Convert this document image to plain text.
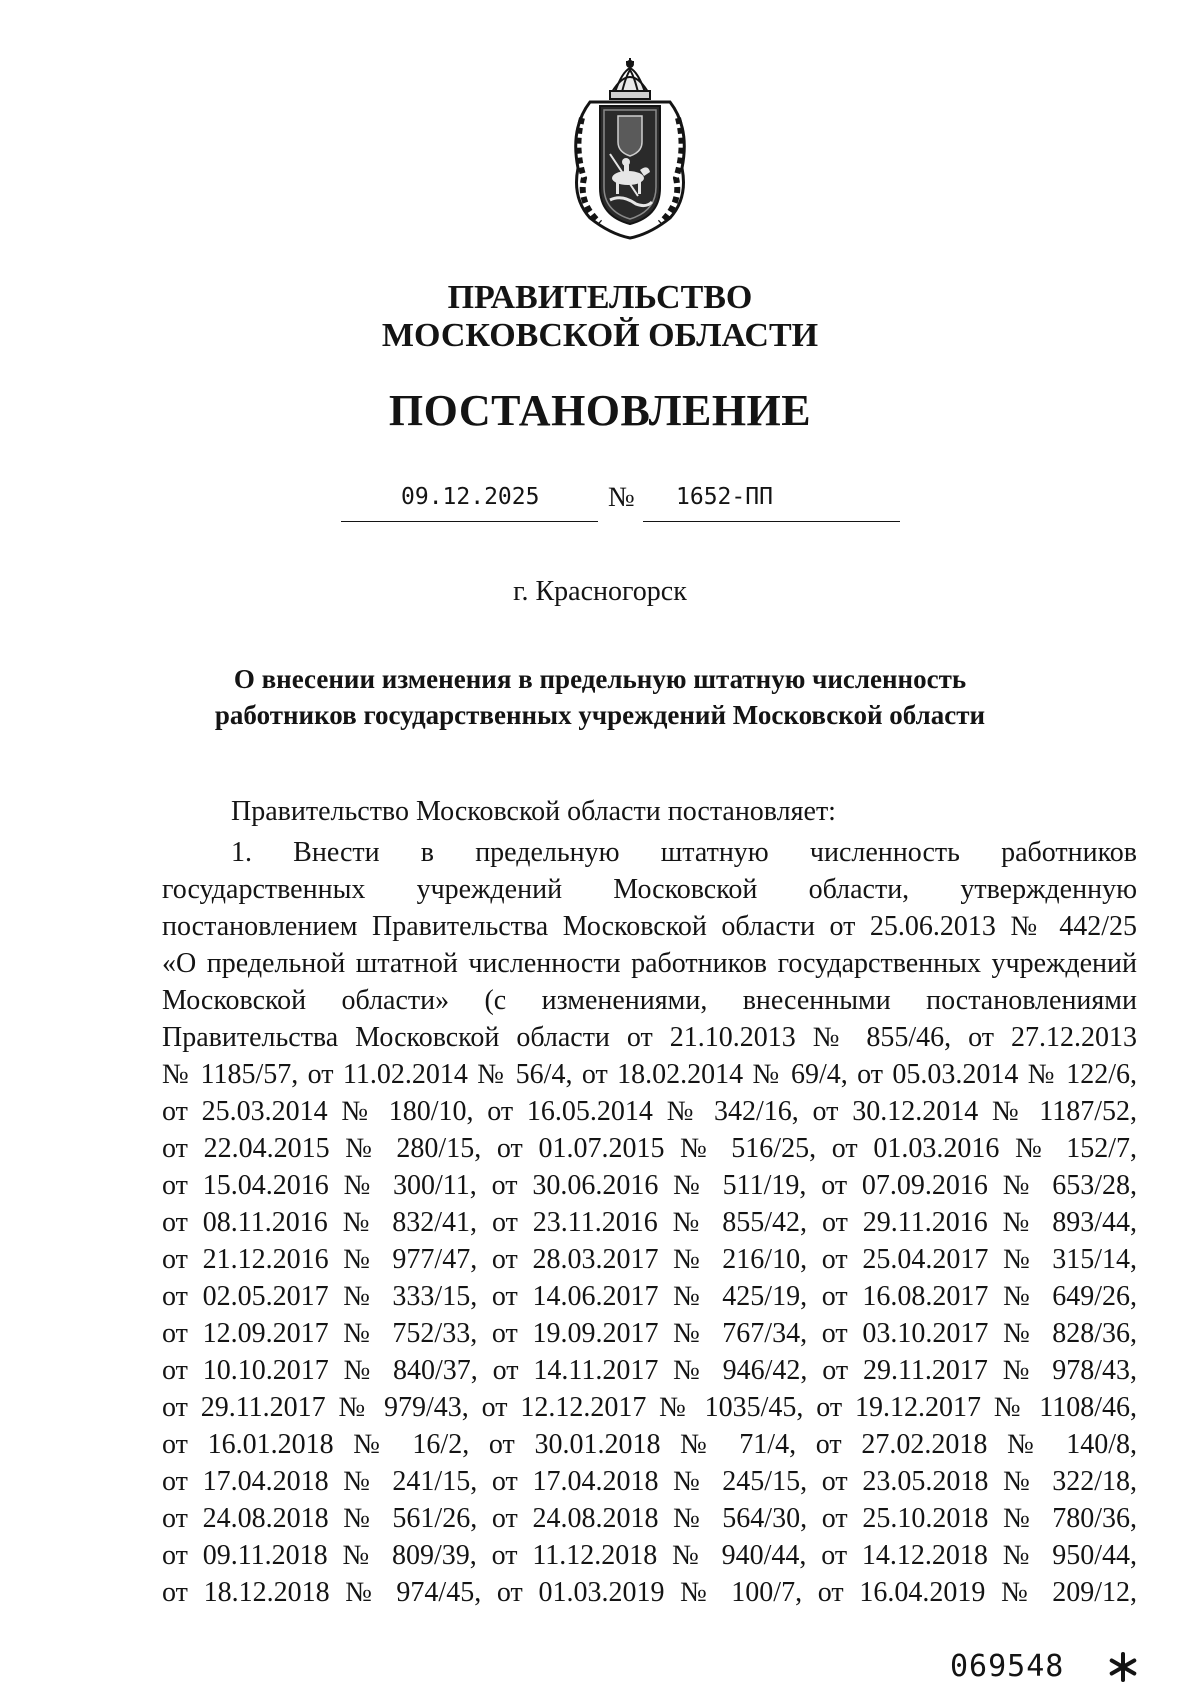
ПРАВИТЕЛЬСТВО
МОСКОВСКОЙ ОБЛАСТИ
ПОСТАНОВЛЕНИЕ
09.12.2025 № 1652-ПП
г. Красногорск
О внесении изменения в предельную штатную численность
работников государственных учреждений Московской области
Правительство Московской области постановляет:
1. Внести в предельную штатную численность работников
государственных учреждений Московской области, утвержденную
постановлением Правительства Московской области от 25.06.2013 № 442/25
«О предельной штатной численности работников государственных учреждений
Московской области» (с изменениями, внесенными постановлениями
Правительства Московской области от 21.10.2013 № 855/46, от 27.12.2013
№ 1185/57, от 11.02.2014 № 56/4, от 18.02.2014 № 69/4, от 05.03.2014 № 122/6,
от 25.03.2014 № 180/10, от 16.05.2014 № 342/16, от 30.12.2014 № 1187/52,
от 22.04.2015 № 280/15, от 01.07.2015 № 516/25, от 01.03.2016 № 152/7,
от 15.04.2016 № 300/11, от 30.06.2016 № 511/19, от 07.09.2016 № 653/28,
от 08.11.2016 № 832/41, от 23.11.2016 № 855/42, от 29.11.2016 № 893/44,
от 21.12.2016 № 977/47, от 28.03.2017 № 216/10, от 25.04.2017 № 315/14,
от 02.05.2017 № 333/15, от 14.06.2017 № 425/19, от 16.08.2017 № 649/26,
от 12.09.2017 № 752/33, от 19.09.2017 № 767/34, от 03.10.2017 № 828/36,
от 10.10.2017 № 840/37, от 14.11.2017 № 946/42, от 29.11.2017 № 978/43,
от 29.11.2017 № 979/43, от 12.12.2017 № 1035/45, от 19.12.2017 № 1108/46,
от 16.01.2018 № 16/2, от 30.01.2018 № 71/4, от 27.02.2018 № 140/8,
от 17.04.2018 № 241/15, от 17.04.2018 № 245/15, от 23.05.2018 № 322/18,
от 24.08.2018 № 561/26, от 24.08.2018 № 564/30, от 25.10.2018 № 780/36,
от 09.11.2018 № 809/39, от 11.12.2018 № 940/44, от 14.12.2018 № 950/44,
от 18.12.2018 № 974/45, от 01.03.2019 № 100/7, от 16.04.2019 № 209/12,
069548
